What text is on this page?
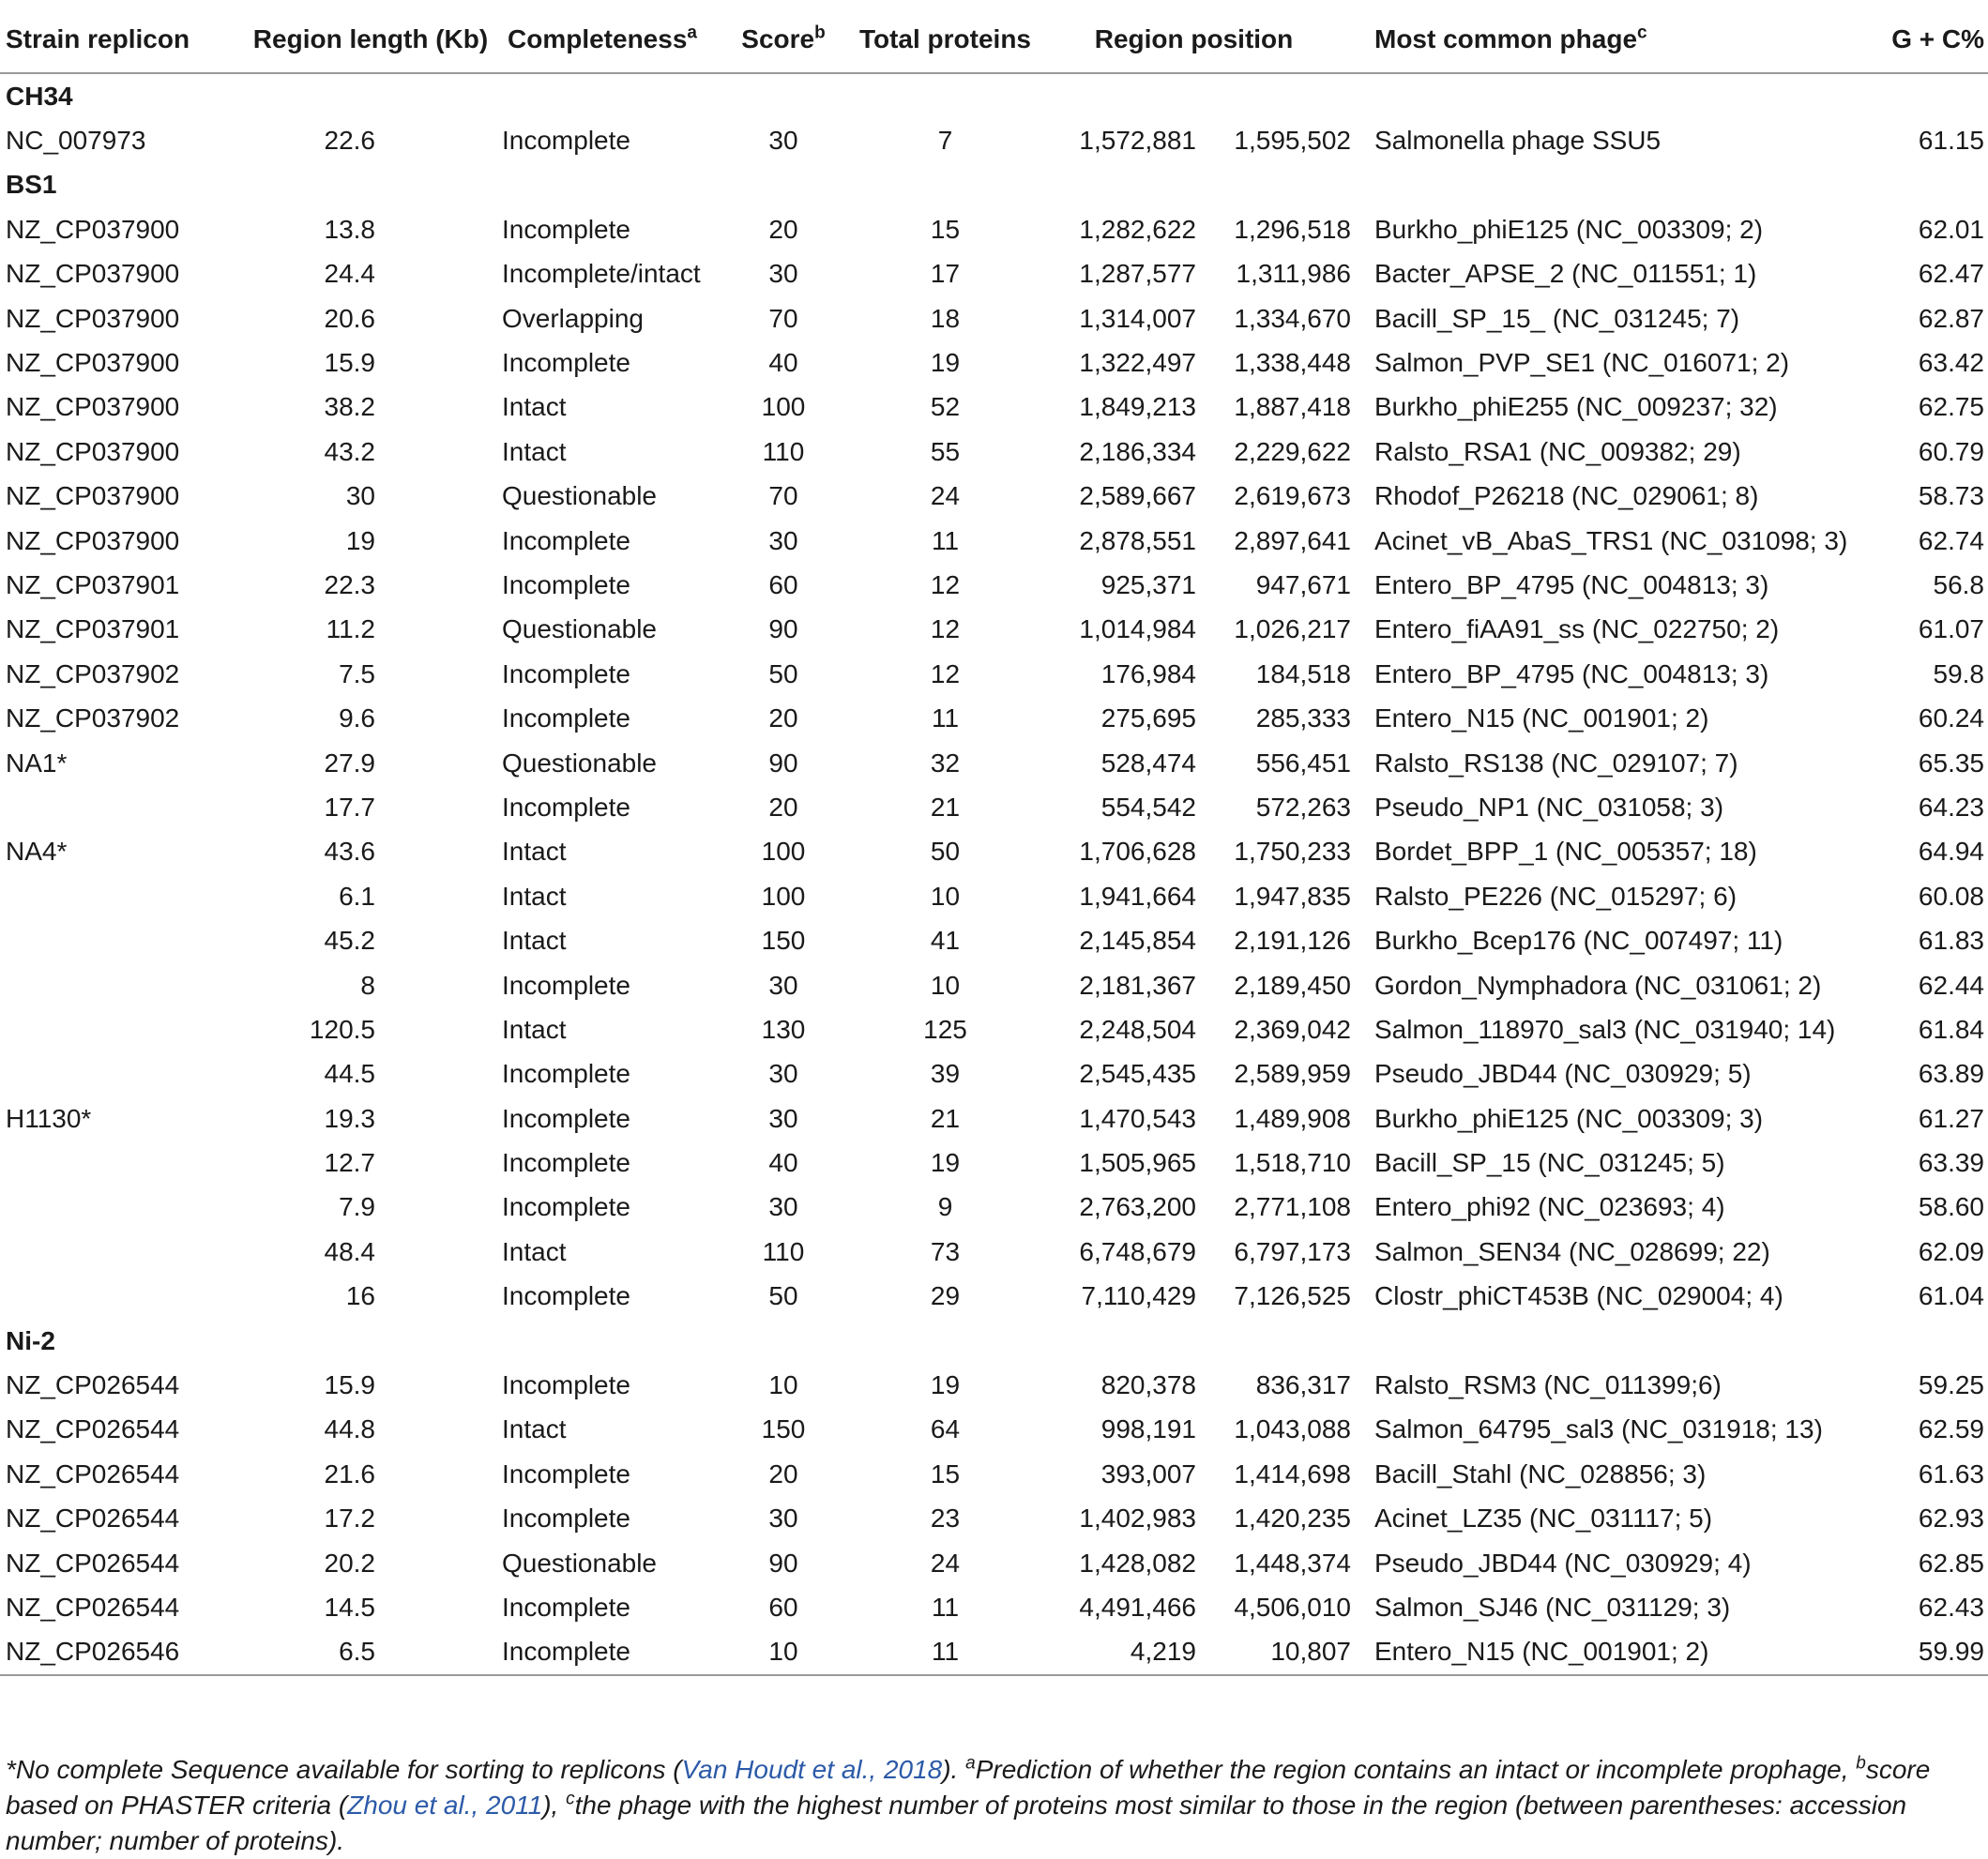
Strain replicon	Region length (Kb)		Completeness$^a$	Score$^b$	Total proteins	Region position		Most common phage$^c$	G + C%
CH34									
NC_007973	22.6		Incomplete	30	7	1,572,881	1,595,502	Salmonella phage SSU5	61.15
BS1									
NZ_CP037900	13.8		Incomplete	20	15	1,282,622	1,296,518	Burkho_phiE125 (NC_003309; 2)	62.01
NZ_CP037900	24.4		Incomplete/intact	30	17	1,287,577	1,311,986	Bacter_APSE_2 (NC_011551; 1)	62.47
NZ_CP037900	20.6		Overlapping	70	18	1,314,007	1,334,670	Bacill_SP_15_ (NC_031245; 7)	62.87
NZ_CP037900	15.9		Incomplete	40	19	1,322,497	1,338,448	Salmon_PVP_SE1 (NC_016071; 2)	63.42
NZ_CP037900	38.2		Intact	100	52	1,849,213	1,887,418	Burkho_phiE255 (NC_009237; 32)	62.75
NZ_CP037900	43.2		Intact	110	55	2,186,334	2,229,622	Ralsto_RSA1 (NC_009382; 29)	60.79
NZ_CP037900	30		Questionable	70	24	2,589,667	2,619,673	Rhodof_P26218 (NC_029061; 8)	58.73
NZ_CP037900	19		Incomplete	30	11	2,878,551	2,897,641	Acinet_vB_AbaS_TRS1 (NC_031098; 3)	62.74
NZ_CP037901	22.3		Incomplete	60	12	925,371	947,671	Entero_BP_4795 (NC_004813; 3)	56.8
NZ_CP037901	11.2		Questionable	90	12	1,014,984	1,026,217	Entero_fiAA91_ss (NC_022750; 2)	61.07
NZ_CP037902	7.5		Incomplete	50	12	176,984	184,518	Entero_BP_4795 (NC_004813; 3)	59.8
NZ_CP037902	9.6		Incomplete	20	11	275,695	285,333	Entero_N15 (NC_001901; 2)	60.24
NA1*	27.9		Questionable	90	32	528,474	556,451	Ralsto_RS138 (NC_029107; 7)	65.35
	17.7		Incomplete	20	21	554,542	572,263	Pseudo_NP1 (NC_031058; 3)	64.23
NA4*	43.6		Intact	100	50	1,706,628	1,750,233	Bordet_BPP_1 (NC_005357; 18)	64.94
	6.1		Intact	100	10	1,941,664	1,947,835	Ralsto_PE226 (NC_015297; 6)	60.08
	45.2		Intact	150	41	2,145,854	2,191,126	Burkho_Bcep176 (NC_007497; 11)	61.83
	8		Incomplete	30	10	2,181,367	2,189,450	Gordon_Nymphadora (NC_031061; 2)	62.44
	120.5		Intact	130	125	2,248,504	2,369,042	Salmon_118970_sal3 (NC_031940; 14)	61.84
	44.5		Incomplete	30	39	2,545,435	2,589,959	Pseudo_JBD44 (NC_030929; 5)	63.89
H1130*	19.3		Incomplete	30	21	1,470,543	1,489,908	Burkho_phiE125 (NC_003309; 3)	61.27
	12.7		Incomplete	40	19	1,505,965	1,518,710	Bacill_SP_15 (NC_031245; 5)	63.39
	7.9		Incomplete	30	9	2,763,200	2,771,108	Entero_phi92 (NC_023693; 4)	58.60
	48.4		Intact	110	73	6,748,679	6,797,173	Salmon_SEN34 (NC_028699; 22)	62.09
	16		Incomplete	50	29	7,110,429	7,126,525	Clostr_phiCT453B (NC_029004; 4)	61.04
Ni-2									
NZ_CP026544	15.9		Incomplete	10	19	820,378	836,317	Ralsto_RSM3 (NC_011399;6)	59.25
NZ_CP026544	44.8		Intact	150	64	998,191	1,043,088	Salmon_64795_sal3 (NC_031918; 13)	62.59
NZ_CP026544	21.6		Incomplete	20	15	393,007	1,414,698	Bacill_Stahl (NC_028856; 3)	61.63
NZ_CP026544	17.2		Incomplete	30	23	1,402,983	1,420,235	Acinet_LZ35 (NC_031117; 5)	62.93
NZ_CP026544	20.2		Questionable	90	24	1,428,082	1,448,374	Pseudo_JBD44 (NC_030929; 4)	62.85
NZ_CP026544	14.5		Incomplete	60	11	4,491,466	4,506,010	Salmon_SJ46 (NC_031129; 3)	62.43
NZ_CP026546	6.5		Incomplete	10	11	4,219	10,807	Entero_N15 (NC_001901; 2)	59.99
*No complete Sequence available for sorting to replicons (Van Houdt et al., 2018). $^a$Prediction of whether the region contains an intact or incomplete prophage, $^b$score based on PHASTER criteria (Zhou et al., 2011), $^c$the phage with the highest number of proteins most similar to those in the region (between parentheses: accession number; number of proteins).
